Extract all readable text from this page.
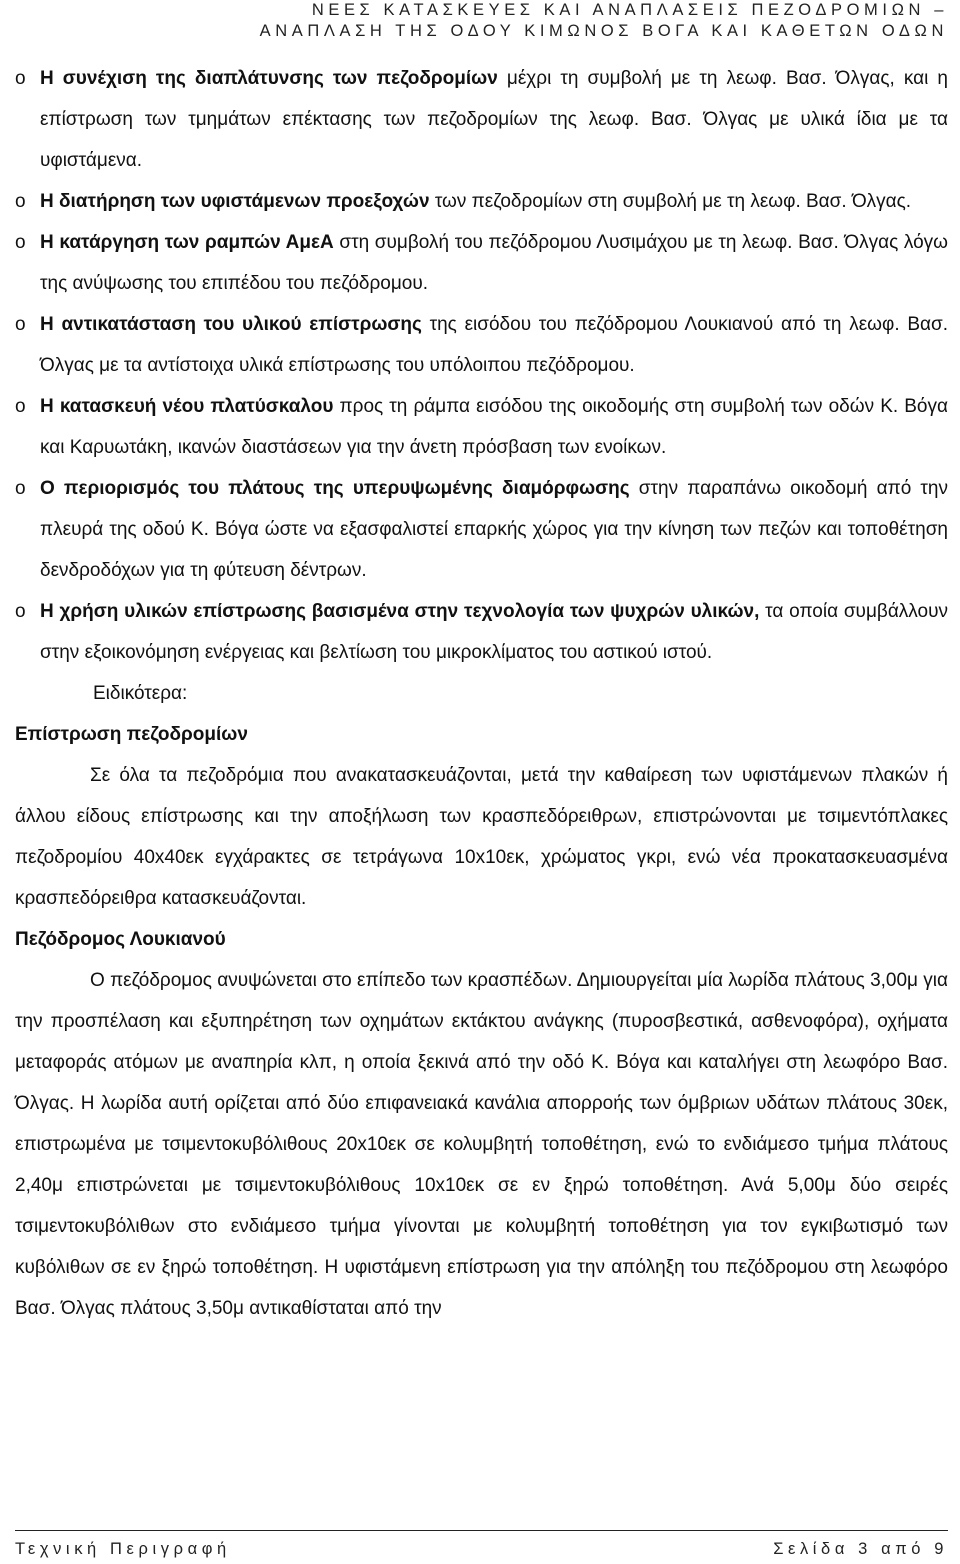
ΝΕΕΣ ΚΑΤΑΣΚΕΥΕΣ ΚΑΙ ΑΝΑΠΛΑΣΕΙΣ ΠΕΖΟΔΡΟΜΙΩΝ –
ΑΝΑΠΛΑΣΗ ΤΗΣ ΟΔΟΥ ΚΙΜΩΝΟΣ ΒΟΓΑ ΚΑΙ ΚΑΘΕΤΩΝ ΟΔΩΝ
o Η συνέχιση της διαπλάτυνσης των πεζοδρομίων μέχρι τη συμβολή με τη λεωφ. Βασ. Όλγας, και η επίστρωση των τμημάτων επέκτασης των πεζοδρομίων της λεωφ. Βασ. Όλγας με υλικά ίδια με τα υφιστάμενα.
o Η διατήρηση των υφιστάμενων προεξοχών των πεζοδρομίων στη συμβολή με τη λεωφ. Βασ. Όλγας.
o Η κατάργηση των ραμπών ΑμεΑ στη συμβολή του πεζόδρομου Λυσιμάχου με τη λεωφ. Βασ. Όλγας λόγω της ανύψωσης του επιπέδου του πεζόδρομου.
o Η αντικατάσταση του υλικού επίστρωσης της εισόδου του πεζόδρομου Λουκιανού από τη λεωφ. Βασ. Όλγας με τα αντίστοιχα υλικά επίστρωσης του υπόλοιπου πεζόδρομου.
o Η κατασκευή νέου πλατύσκαλου προς τη ράμπα εισόδου της οικοδομής στη συμβολή των οδών Κ. Βόγα και Καρυωτάκη, ικανών διαστάσεων για την άνετη πρόσβαση των ενοίκων.
o Ο περιορισμός του πλάτους της υπερυψωμένης διαμόρφωσης στην παραπάνω οικοδομή από την πλευρά της οδού Κ. Βόγα ώστε να εξασφαλιστεί επαρκής χώρος για την κίνηση των πεζών και τοποθέτηση δενδροδόχων για τη φύτευση δέντρων.
o Η χρήση υλικών επίστρωσης βασισμένα στην τεχνολογία των ψυχρών υλικών, τα οποία συμβάλλουν στην εξοικονόμηση ενέργειας και βελτίωση του μικροκλίματος του αστικού ιστού.
Ειδικότερα:
Επίστρωση πεζοδρομίων
Σε όλα τα πεζοδρόμια που ανακατασκευάζονται, μετά την καθαίρεση των υφιστάμενων πλακών ή άλλου είδους επίστρωσης και την αποξήλωση των κρασπεδόρειθρων, επιστρώνονται με τσιμεντόπλακες πεζοδρομίου 40x40εκ εγχάρακτες σε τετράγωνα 10x10εκ, χρώματος γκρι, ενώ νέα προκατασκευασμένα κρασπεδόρειθρα κατασκευάζονται.
Πεζόδρομος Λουκιανού
Ο πεζόδρομος ανυψώνεται στο επίπεδο των κρασπέδων. Δημιουργείται μία λωρίδα πλάτους 3,00μ για την προσπέλαση και εξυπηρέτηση των οχημάτων εκτάκτου ανάγκης (πυροσβεστικά, ασθενοφόρα), οχήματα μεταφοράς ατόμων με αναπηρία κλπ, η οποία ξεκινά από την οδό Κ. Βόγα και καταλήγει στη λεωφόρο Βασ. Όλγας. Η λωρίδα αυτή ορίζεται από δύο επιφανειακά κανάλια απορροής των όμβριων υδάτων πλάτους 30εκ, επιστρωμένα με τσιμεντοκυβόλιθους 20x10εκ σε κολυμβητή τοποθέτηση, ενώ το ενδιάμεσο τμήμα πλάτους 2,40μ επιστρώνεται με τσιμεντοκυβόλιθους 10x10εκ σε εν ξηρώ τοποθέτηση. Ανά 5,00μ δύο σειρές τσιμεντοκυβόλιθων στο ενδιάμεσο τμήμα γίνονται με κολυμβητή τοποθέτηση για τον εγκιβωτισμό των κυβόλιθων σε εν ξηρώ τοποθέτηση. Η υφιστάμενη επίστρωση για την απόληξη του πεζόδρομου στη λεωφόρο Βασ. Όλγας πλάτους 3,50μ αντικαθίσταται από την
Τεχνική Περιγραφή	Σελίδα 3 από 9
